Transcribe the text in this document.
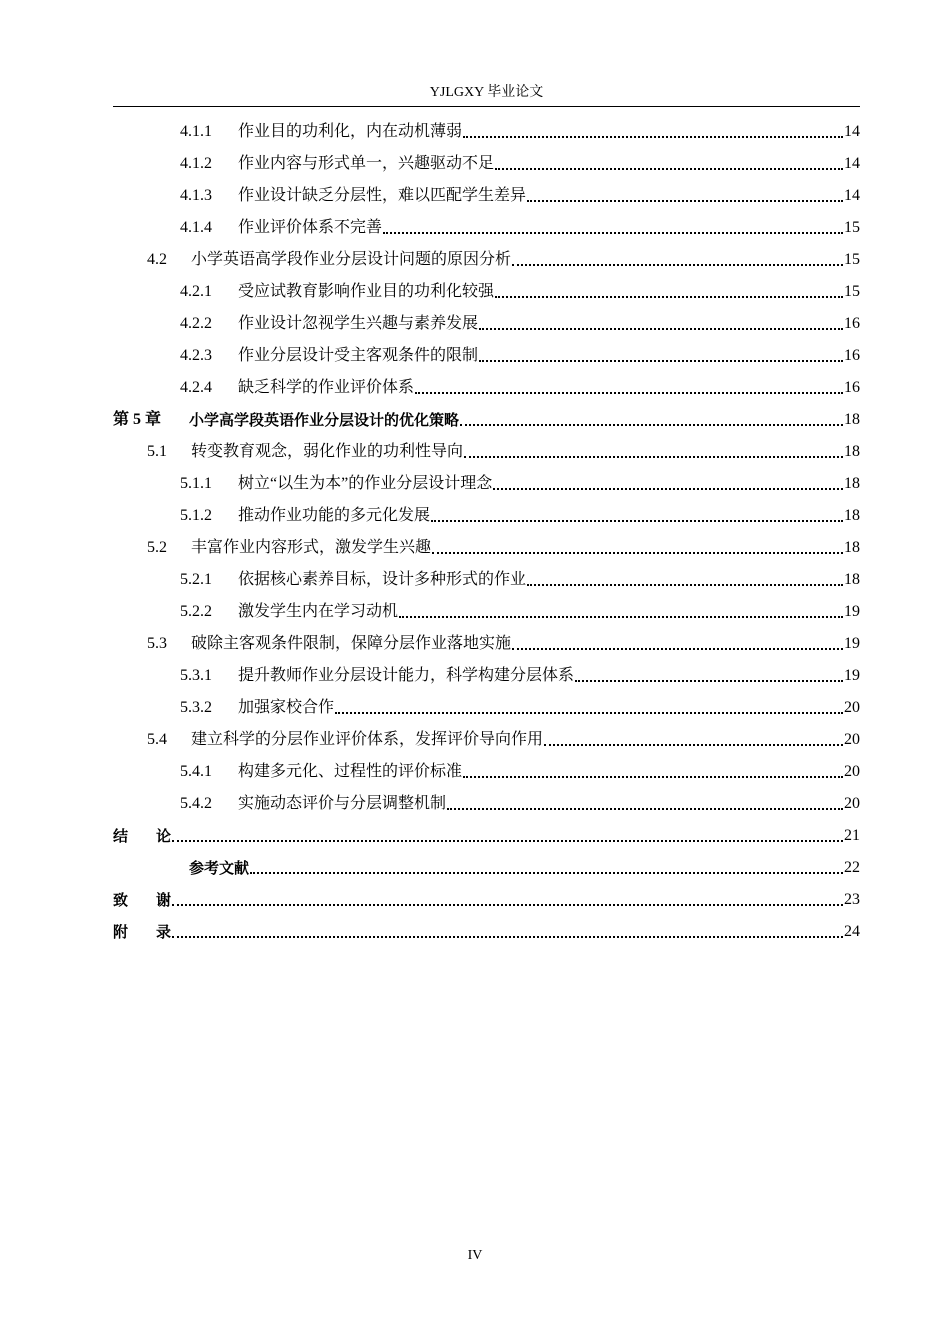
YJLGXY 毕业论文
4.1.1	作业目的功利化，内在动机薄弱	14
4.1.2	作业内容与形式单一，兴趣驱动不足	14
4.1.3	作业设计缺乏分层性，难以匹配学生差异	14
4.1.4	作业评价体系不完善	15
4.2	小学英语高学段作业分层设计问题的原因分析	15
4.2.1	受应试教育影响作业目的功利化较强	15
4.2.2	作业设计忽视学生兴趣与素养发展	16
4.2.3	作业分层设计受主客观条件的限制	16
4.2.4	缺乏科学的作业评价体系	16
第 5 章	小学高学段英语作业分层设计的优化策略	18
5.1	转变教育观念，弱化作业的功利性导向	18
5.1.1	树立“以生为本”的作业分层设计理念	18
5.1.2	推动作业功能的多元化发展	18
5.2	丰富作业内容形式，激发学生兴趣	18
5.2.1	依据核心素养目标，设计多种形式的作业	18
5.2.2	激发学生内在学习动机	19
5.3	破除主客观条件限制，保障分层作业落地实施	19
5.3.1	提升教师作业分层设计能力，科学构建分层体系	19
5.3.2	加强家校合作	20
5.4	建立科学的分层作业评价体系，发挥评价导向作用	20
5.4.1	构建多元化、过程性的评价标准	20
5.4.2	实施动态评价与分层调整机制	20
结论	21
参考文献	22
致谢	23
附录	24
IV
